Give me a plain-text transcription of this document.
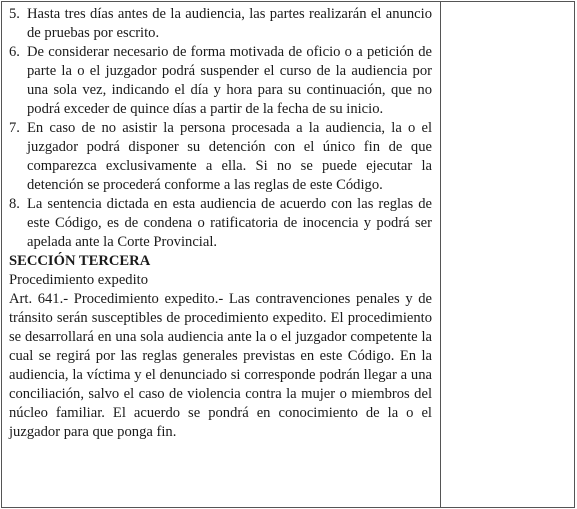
5. Hasta tres días antes de la audiencia, las partes realizarán el anuncio de pruebas por escrito.
6. De considerar necesario de forma motivada de oficio o a petición de parte la o el juzgador podrá suspender el curso de la audiencia por una sola vez, indicando el día y hora para su continuación, que no podrá exceder de quince días a partir de la fecha de su inicio.
7. En caso de no asistir la persona procesada a la audiencia, la o el juzgador podrá disponer su detención con el único fin de que comparezca exclusivamente a ella. Si no se puede ejecutar la detención se procederá conforme a las reglas de este Código.
8. La sentencia dictada en esta audiencia de acuerdo con las reglas de este Código, es de condena o ratificatoria de inocencia y podrá ser apelada ante la Corte Provincial.
SECCIÓN TERCERA
Procedimiento expedito
Art. 641.- Procedimiento expedito.- Las contravenciones penales y de tránsito serán susceptibles de procedimiento expedito. El procedimiento se desarrollará en una sola audiencia ante la o el juzgador competente la cual se regirá por las reglas generales previstas en este Código. En la audiencia, la víctima y el denunciado si corresponde podrán llegar a una conciliación, salvo el caso de violencia contra la mujer o miembros del núcleo familiar. El acuerdo se pondrá en conocimiento de la o el juzgador para que ponga fin.
